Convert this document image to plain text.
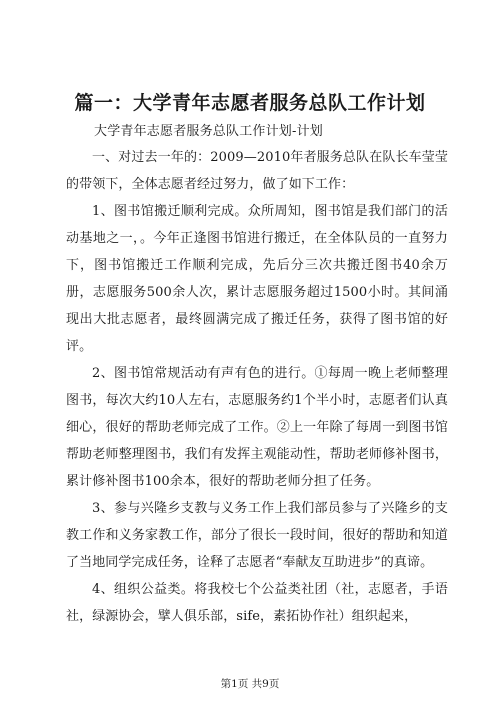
篇一：大学青年志愿者服务总队工作计划

大学青年志愿者服务总队工作计划-计划

一、对过去一年的：2009—2010年者服务总队在队长车莹莹的带领下，全体志愿者经过努力，做了如下工作：

1、图书馆搬迁顺利完成。众所周知，图书馆是我们部门的活动基地之一，。今年正逢图书馆进行搬迁，在全体队员的一直努力下，图书馆搬迁工作顺利完成，先后分三次共搬迁图书40余万册，志愿服务500余人次，累计志愿服务超过1500小时。其间涌现出大批志愿者，最终圆满完成了搬迁任务，获得了图书馆的好评。

2、图书馆常规活动有声有色的进行。①每周一晚上老师整理图书，每次大约10人左右，志愿服务约1个半小时，志愿者们认真细心，很好的帮助老师完成了工作。②上一年除了每周一到图书馆帮助老师整理图书，我们有发挥主观能动性，帮助老师修补图书，累计修补图书100余本，很好的帮助老师分担了任务。

3、参与兴隆乡支教与义务工作上我们部员参与了兴隆乡的支教工作和义务家教工作，部分了很长一段时间，很好的帮助和知道了当地同学完成任务，诠释了志愿者“奉献友互助进步”的真谛。

4、组织公益类。将我校七个公益类社团（社，志愿者，手语社，绿源协会，擘人俱乐部，sife，素拓协作社）组织起来，

第1页 共9页
